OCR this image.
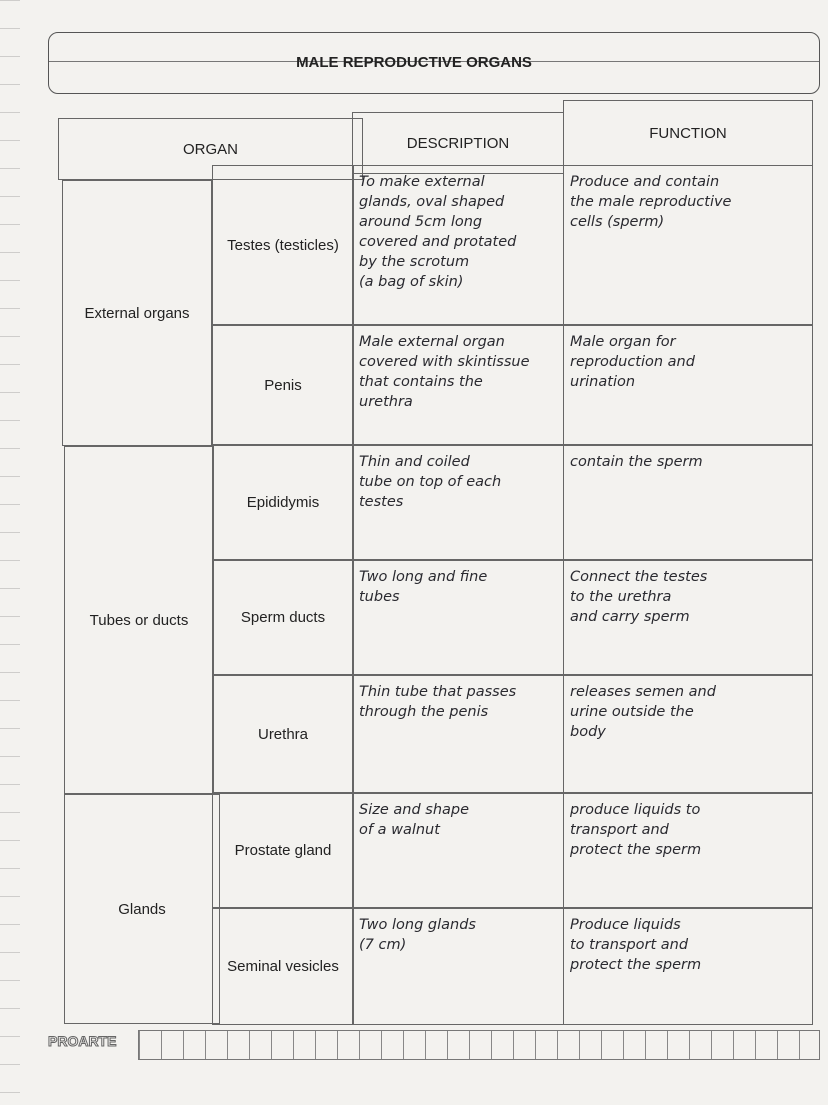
MALE REPRODUCTIVE ORGANS
ORGAN	DESCRIPTION
FUNCTION
External organs
Tubes or ducts
Glands
Testes (testicles)
To make external
glands, oval shaped
around 5cm long
covered and protated
by the scrotum
(a bag of skin)
Produce and contain
the male reproductive
cells (sperm)
Penis
Male external organ
covered with skintissue
that contains the
urethra
Male organ for
reproduction and
urination
Epididymis
Thin and coiled
tube on top of each
testes
contain the sperm
Sperm ducts
Two long and fine
tubes
Connect the testes
to the urethra
and carry sperm
Urethra
Thin tube that passes
through the penis
releases semen and
urine outside the
body
Prostate gland
Size and shape
of a walnut
produce liquids to
transport and
protect the sperm
Seminal vesicles
Two long glands
(7 cm)
Produce liquids
to transport and
protect the sperm
PROARTE
